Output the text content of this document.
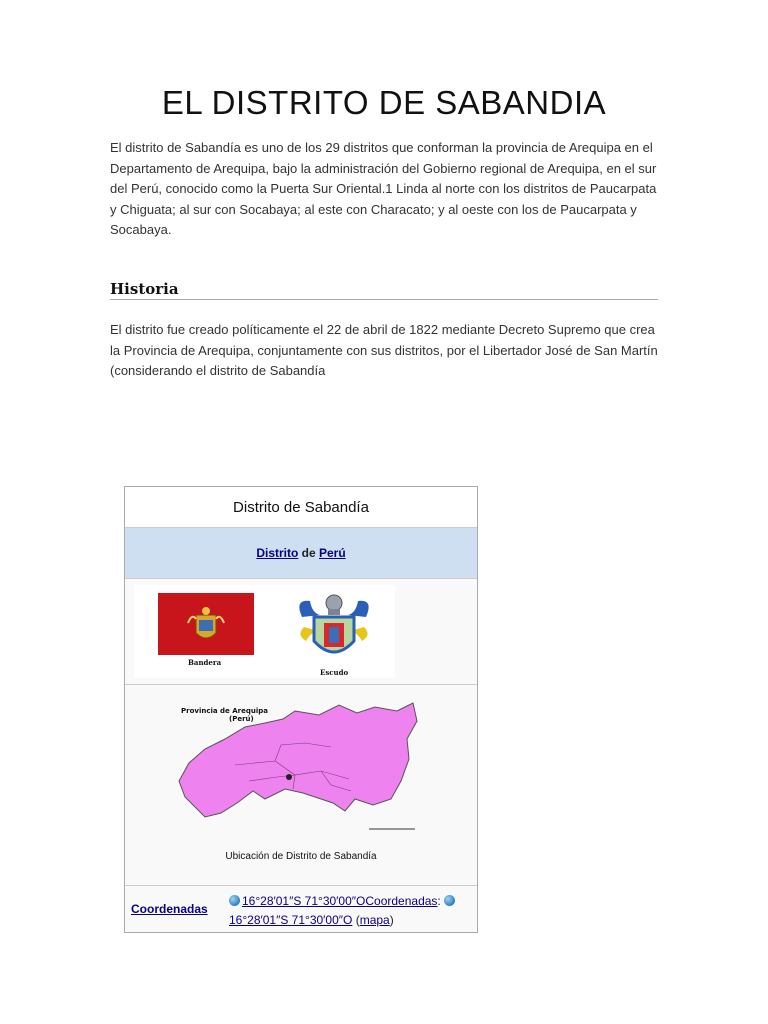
EL DISTRITO DE SABANDIA
El distrito de Sabandía es uno de los 29 distritos que conforman la provincia de Arequipa en el Departamento de Arequipa, bajo la administración del Gobierno regional de Arequipa, en el sur del Perú, conocido como la Puerta Sur Oriental.1 Linda al norte con los distritos de Paucarpata y Chiguata; al sur con Socabaya; al este con Characato; y al oeste con los de Paucarpata y Socabaya.
Historia
El distrito fue creado políticamente el 22 de abril de 1822 mediante Decreto Supremo que crea la Provincia de Arequipa, conjuntamente con sus distritos, por el Libertador José de San Martín (considerando el distrito de Sabandía
Distrito de Sabandía
Distrito de Perú
Bandera
Escudo
Provincia de Arequipa
(Perú)
Ubicación de Distrito de Sabandía
Coordenadas
16°28′01″S 71°30′00″OCoordenadas:
16°28′01″S 71°30′00″O (mapa)
